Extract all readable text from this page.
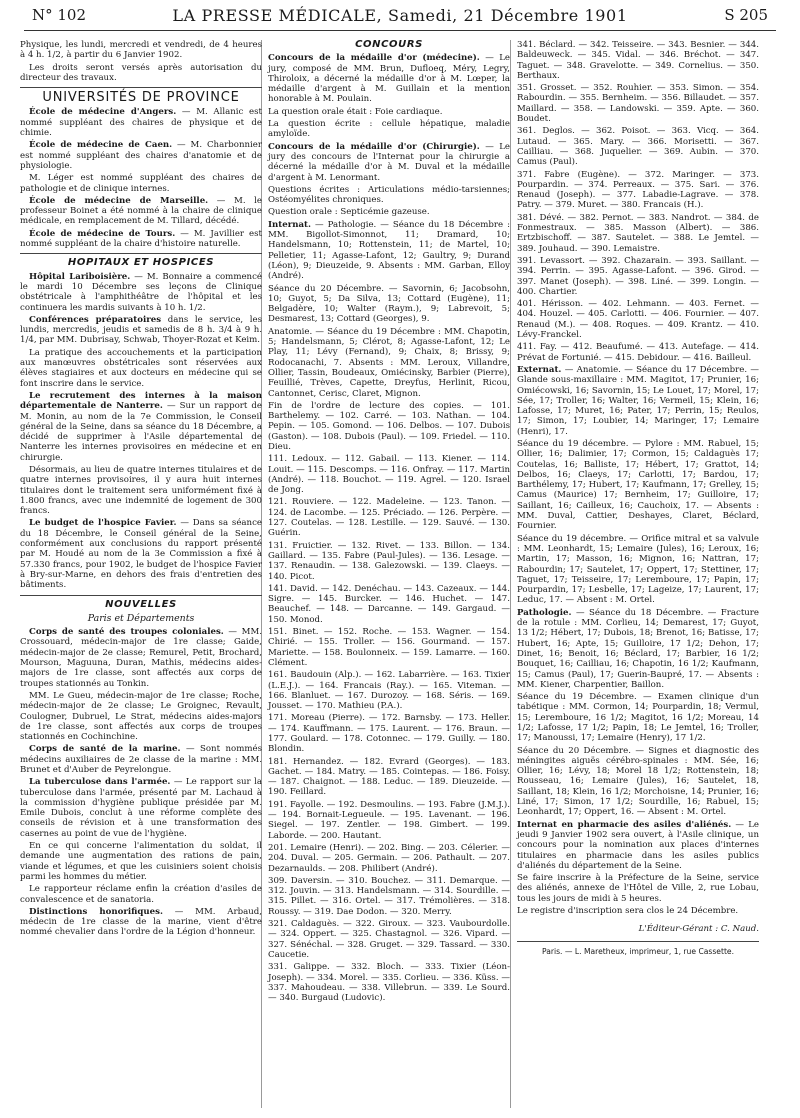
N° 102	LA PRESSE MÉDICALE, Samedi, 21 Décembre 1901	S 205

Physique, les lundi, mercredi et vendredi, de 4 heures à 4 h. 1/2, à partir du 6 Janvier 1902.

Les droits seront versés après autorisation du directeur des travaux.

UNIVERSITÉS DE PROVINCE

École de médecine d'Angers. — M. Allanic est nommé suppléant des chaires de physique et de chimie.

École de médecine de Caen. — M. Charbonnier est nommé suppléant des chaires d'anatomie et de physiologie.

M. Léger est nommé suppléant des chaires de pathologie et de clinique internes.

École de médecine de Marseille. — M. le professeur Boinet a été nommé à la chaire de clinique médicale, en remplacement de M. Tillard, décédé.

École de médecine de Tours. — M. Javillier est nommé suppléant de la chaire d'histoire naturelle.

HOPITAUX ET HOSPICES

Hôpital Lariboisière. — M. Bonnaire a commencé le mardi 10 Décembre ses leçons de Clinique obstétricale à l'amphithéâtre de l'hôpital et les continuera les mardis suivants à 10 h. 1/2.

Conférences préparatoires dans le service, les lundis, mercredis, jeudis et samedis de 8 h. 3/4 à 9 h. 1/4, par MM. Dubrisay, Schwab, Thoyer-Rozat et Keim.

La pratique des accouchements et la participation aux manœuvres obstétricales sont réservées aux élèves stagiaires et aux docteurs en médecine qui se font inscrire dans le service.

Le recrutement des internes à la maison départementale de Nanterre. — Sur un rapport de M. Monin, au nom de la 7e Commission, le Conseil général de la Seine, dans sa séance du 18 Décembre, a décidé de supprimer à l'Asile départemental de Nanterre les internes provisoires en médecine et en chirurgie.

Désormais, au lieu de quatre internes titulaires et de quatre internes provisoires, il y aura huit internes titulaires dont le traitement sera uniformément fixé à 1.800 francs, avec une indemnité de logement de 300 francs.

Le budget de l'hospice Favier. — Dans sa séance du 18 Décembre, le Conseil général de la Seine, conformément aux conclusions du rapport présenté par M. Houdé au nom de la 3e Commission a fixé à 57.330 francs, pour 1902, le budget de l'hospice Favier à Bry-sur-Marne, en dehors des frais d'entretien des bâtiments.

NOUVELLES
Paris et Départements

Corps de santé des troupes coloniales. — MM. Crossouard, médecin-major de 1re classe; Gaide, médecin-major de 2e classe; Remurel, Petit, Brochard, Mourson, Maguuna, Duran, Mathis, médecins aides-majors de 1re classe, sont affectés aux corps de troupes stationnés au Tonkin.

MM. Le Gueu, médecin-major de 1re classe; Roche, médecin-major de 2e classe; Le Groignec, Revault, Coulogner, Dubruel, Le Strat, médecins aides-majors de 1re classe, sont affectés aux corps de troupes stationnés en Cochinchine.

Corps de santé de la marine. — Sont nommés médecins auxiliaires de 2e classe de la marine : MM. Brunet et d'Auber de Peyrelongue.

La tuberculose dans l'armée. — Le rapport sur la tuberculose dans l'armée, présenté par M. Lachaud à la commission d'hygiène publique présidée par M. Emile Dubois, conclut à une réforme complète des conseils de révision et à une transformation des casernes au point de vue de l'hygiène.

En ce qui concerne l'alimentation du soldat, il demande une augmentation des rations de pain, viande et légumes, et que les cuisiniers soient choisis parmi les hommes du métier.

Le rapporteur réclame enfin la création d'asiles de convalescence et de sanatoria.

Distinctions honorifiques. — MM. Arbaud, médecin de 1re classe de la marine, vient d'être nommé chevalier dans l'ordre de la Légion d'honneur.

CONCOURS

Concours de la médaille d'or (médecine). — Le jury, composé de MM. Brun, Dufloeq, Méry, Legry, Thiroloix, a décerné la médaille d'or à M. Lœper, la médaille d'argent à M. Guillain et la mention honorable à M. Poulain.

La question orale était : Foie cardiaque.

La question écrite : cellule hépatique, maladie amyloïde.

Concours de la médaille d'or (Chirurgie). — Le jury des concours de l'Internat pour la chirurgie a décerné la médaille d'or à M. Duval et la médaille d'argent à M. Lenormant.

Questions écrites : Articulations médio-tarsiennes; Ostéomyélites chroniques.

Question orale : Septicémie gazeuse.

Internat. — Pathologie. — Séance du 18 Décembre : MM. Bigollot-Simonnot, 11; Dramard, 10; Handelsmann, 10; Rottenstein, 11; de Martel, 10; Pelletier, 11; Agasse-Lafont, 12; Gaultry, 9; Durand (Léon), 9; Dieuzeide, 9. Absents : MM. Garban, Elloy (André).

Séance du 20 Décembre. — Savornin, 6; Jacobsohn, 10; Guyot, 5; Da Silva, 13; Cottard (Eugène), 11; Belgadère, 10; Walter (Raym.), 9; Labrevoit, 5; Desmarest, 13; Cottard (Georges), 9.

Anatomie. — Séance du 19 Décembre : MM. Chapotin, 5; Handelsmann, 5; Clérot, 8; Agasse-Lafont, 12; Le Play, 11; Lévy (Fernand), 9; Chaix, 8; Brissy, 9; Rodocanachi, 7. Absents : MM. Leroux, Villandre, Ollier, Tassin, Boudeaux, Omiécinsky, Barbier (Pierre), Feuillié, Trèves, Capette, Dreyfus, Herlinit, Ricou, Cantonnet, Cerisc, Claret, Mignon.

Fin de l'ordre de lecture des copies. — 101. Barthelemy. — 102. Carré. — 103. Nathan. — 104. Pepin. — 105. Gomond. — 106. Delbos. — 107. Dubois (Gaston). — 108. Dubois (Paul). — 109. Friedel. — 110. Dieu.

111. Ledoux. — 112. Gabail. — 113. Kiener. — 114. Louit. — 115. Descomps. — 116. Onfray. — 117. Martin (André). — 118. Bouchot. — 119. Agrel. — 120. Israel de Jong.

121. Rouviere. — 122. Madeleine. — 123. Tanon. — 124. de Lacombe. — 125. Préciado. — 126. Perpère. — 127. Coutelas. — 128. Lestille. — 129. Sauvé. — 130. Guérin.

131. Fruictier. — 132. Rivet. — 133. Billon. — 134. Gaillard. — 135. Fabre (Paul-Jules). — 136. Lesage. — 137. Renaudin. — 138. Galezowski. — 139. Claeys. — 140. Picot.

141. David. — 142. Denéchau. — 143. Cazeaux. — 144. Sigre. — 145. Burcker. — 146. Huchet. — 147. Beauchef. — 148. — Darcanne. — 149. Gargaud. — 150. Monod.

151. Binet. — 152. Roche. — 153. Wagner. — 154. Chirié. — 155. Troller. — 156. Gourmand. — 157. Mariette. — 158. Boulonneix. — 159. Lamarre. — 160. Clément.

161. Baudouin (Alp.). — 162. Labarrière. — 163. Tixier (L.E.J.). — 164. Francais (Ray.). — 165. Viteman. — 166. Blanluet. — 167. Durozoy. — 168. Séris. — 169. Jousset. — 170. Mathieu (P.A.).

171. Moreau (Pierre). — 172. Barnsby. — 173. Heller. — 174. Kauffmann. — 175. Laurent. — 176. Braun. — 177. Goulard. — 178. Cotonnec. — 179. Guilly. — 180. Blondin.

181. Hernandez. — 182. Evrard (Georges). — 183. Gachet. — 184. Matry. — 185. Cointepas. — 186. Foisy. — 187. Chaignot. — 188. Leduc. — 189. Dieuzeide. — 190. Feillard.

191. Fayolle. — 192. Desmoulins. — 193. Fabre (J.M.J.). — 194. Bornait-Legueule. — 195. Lavenant. — 196. Siegel. — 197. Zentler. — 198. Gimbert. — 199. Laborde. — 200. Hautant.

201. Lemaire (Henri). — 202. Bing. — 203. Célerier. — 204. Duval. — 205. Germain. — 206. Pathault. — 207. Dezarnaulds. — 208. Philibert (André).

309. Daversin. — 310. Bouchez. — 311. Demarque. — 312. Jouvin. — 313. Handelsmann. — 314. Sourdille. — 315. Pillet. — 316. Ortel. — 317. Trémolières. — 318. Roussy. — 319. Dae Dodon. — 320. Merry.

321. Caldaguès. — 322. Giroux. — 323. Vaubourdolle. — 324. Oppert. — 325. Chastagnol. — 326. Vipard. — 327. Sénéchal. — 328. Gruget. — 329. Tassard. — 330. Caucetie.

331. Galippe. — 332. Bloch. — 333. Tixier (Léon-Joseph). — 334. Morel. — 335. Corlieu. — 336. Küss. — 337. Mahoudeau. — 338. Villebrun. — 339. Le Sourd. — 340. Burgaud (Ludovic).

341. Béclard. — 342. Teisseire. — 343. Besnier. — 344. Baldeuweck. — 345. Vidal. — 346. Bréchot. — 347. Taguet. — 348. Gravelotte. — 349. Cornelius. — 350. Berthaux.

351. Grosset. — 352. Rouhier. — 353. Simon. — 354. Rabourdin. — 355. Bernheim. — 356. Billaudet. — 357. Maillard. — 358. — Landowski. — 359. Apte. — 360. Boudet.

361. Deglos. — 362. Poisot. — 363. Vicq. — 364. Lutaud. — 365. Mary. — 366. Morisetti. — 367. Cailliau. — 368. Juquelier. — 369. Aubin. — 370. Camus (Paul).

371. Fabre (Eugène). — 372. Maringer. — 373. Pourpardin. — 374. Perreaux. — 375. Sari. — 376. Renaud (Joseph). — 377. Labadie-Lagrave. — 378. Patry. — 379. Muret. — 380. Francais (H.).

381. Dévé. — 382. Pernot. — 383. Nandrot. — 384. de Fonmestraux. — 385. Masson (Albert). — 386. Ertzbischoff. — 387. Sautelet. — 388. Le Jemtel. — 389. Jouhaud. — 390. Lemaistre.

391. Levassort. — 392. Chazarain. — 393. Saillant. — 394. Perrin. — 395. Agasse-Lafont. — 396. Girod. — 397. Manet (Joseph). — 398. Liné. — 399. Longin. — 400. Chartier.

401. Hérisson. — 402. Lehmann. — 403. Fernet. — 404. Houzel. — 405. Carlotti. — 406. Fournier. — 407. Renaud (M.). — 408. Roques. — 409. Krantz. — 410. Lévy-Franckel.

411. Fay. — 412. Beaufumé. — 413. Autefage. — 414. Prévat de Fortunié. — 415. Debidour. — 416. Bailleul.

Externat. — Anatomie. — Séance du 17 Décembre. — Glande sous-maxillaire : MM. Magitot, 17; Prunier, 16; Omiécowski, 16; Savornin, 15; Le Louet, 17; Morel, 17; Sée, 17; Troller, 16; Walter, 16; Vermeil, 15; Klein, 16; Lafosse, 17; Muret, 16; Pater, 17; Perrin, 15; Reulos, 17; Simon, 17; Loubier, 14; Maringer, 17; Lemaire (Henri), 17.

Séance du 19 décembre. — Pylore : MM. Rabuel, 15; Ollier, 16; Dalimier, 17; Cormon, 15; Caldaguès 17; Coutelas, 16; Balliste, 17; Hébert, 17; Grattot, 14; Delbos, 16; Claeys, 17; Carlotti, 17; Bardou, 17; Barthélemy, 17; Hubert, 17; Kaufmann, 17; Grelley, 15; Camus (Maurice) 17; Bernheim, 17; Guilloire, 17; Saillant, 16; Cailleux, 16; Cauchoix, 17. — Absents : MM. Duval, Cattier, Deshayes, Claret, Béclard, Fournier.

Séance du 19 décembre. — Orifice mitral et sa valvule : MM. Leonhardt, 15; Lemaire (Jules), 16; Leroux, 16; Martin, 17; Masson, 16; Mignon, 16; Nattran, 17; Rabourdin; 17; Sautelet, 17; Oppert, 17; Stettiner, 17; Taguet, 17; Teisseire, 17; Leremboure, 17; Papin, 17; Pourpardin, 17; Lesbelle, 17; Lageize, 17; Laurent, 17; Leduc, 17. — Absent : M. Ortel.

Pathologie. — Séance du 18 Décembre. — Fracture de la rotule : MM. Corlieu, 14; Demarest, 17; Guyot, 13 1/2; Hébert, 17; Dubois, 18; Brenot, 16; Batisse, 17; Hubert, 16; Apte, 15; Guilloire, 17 1/2; Dehon, 17; Dinet, 16; Benoit, 16; Béclard, 17; Barbier, 16 1/2; Bouquet, 16; Cailliau, 16; Chapotin, 16 1/2; Kaufmann, 15; Camus (Paul), 17; Guerin-Baupré, 17. — Absents : MM. Kiener, Charpentier, Baillon.

Séance du 19 Décembre. — Examen clinique d'un tabétique : MM. Cormon, 14; Pourpardin, 18; Vermul, 15; Leremboure, 16 1/2; Magitot, 16 1/2; Moreau, 14 1/2; Lafosse, 17 1/2; Papin, 18; Le Jemtel, 16; Troller, 17; Manoussi, 17; Lemaire (Henry), 17 1/2.

Séance du 20 Décembre. — Signes et diagnostic des méningites aiguës cérébro-spinales : MM. Sée, 16; Ollier, 16; Lévy, 18; Morel 18 1/2; Rottenstein, 18; Rousseau, 16; Lemaire (Jules), 16; Sautelet, 18, Saillant, 18; Klein, 16 1/2; Morchoisne, 14; Prunier, 16; Liné, 17; Simon, 17 1/2; Sourdille, 16; Rabuel, 15; Leonhardt, 17; Oppert, 16. — Absent : M. Ortel.

Internat en pharmacie des asiles d'aliénés. — Le jeudi 9 Janvier 1902 sera ouvert, à l'Asile clinique, un concours pour la nomination aux places d'internes titulaires en pharmacie dans les asiles publics d'aliénés du département de la Seine.

Se faire inscrire à la Préfecture de la Seine, service des aliénés, annexe de l'Hôtel de Ville, 2, rue Lobau, tous les jours de midi à 5 heures.

Le registre d'inscription sera clos le 24 Décembre.

L'Éditeur-Gérant : C. Naud.
Paris. — L. Maretheux, imprimeur, 1, rue Cassette.
